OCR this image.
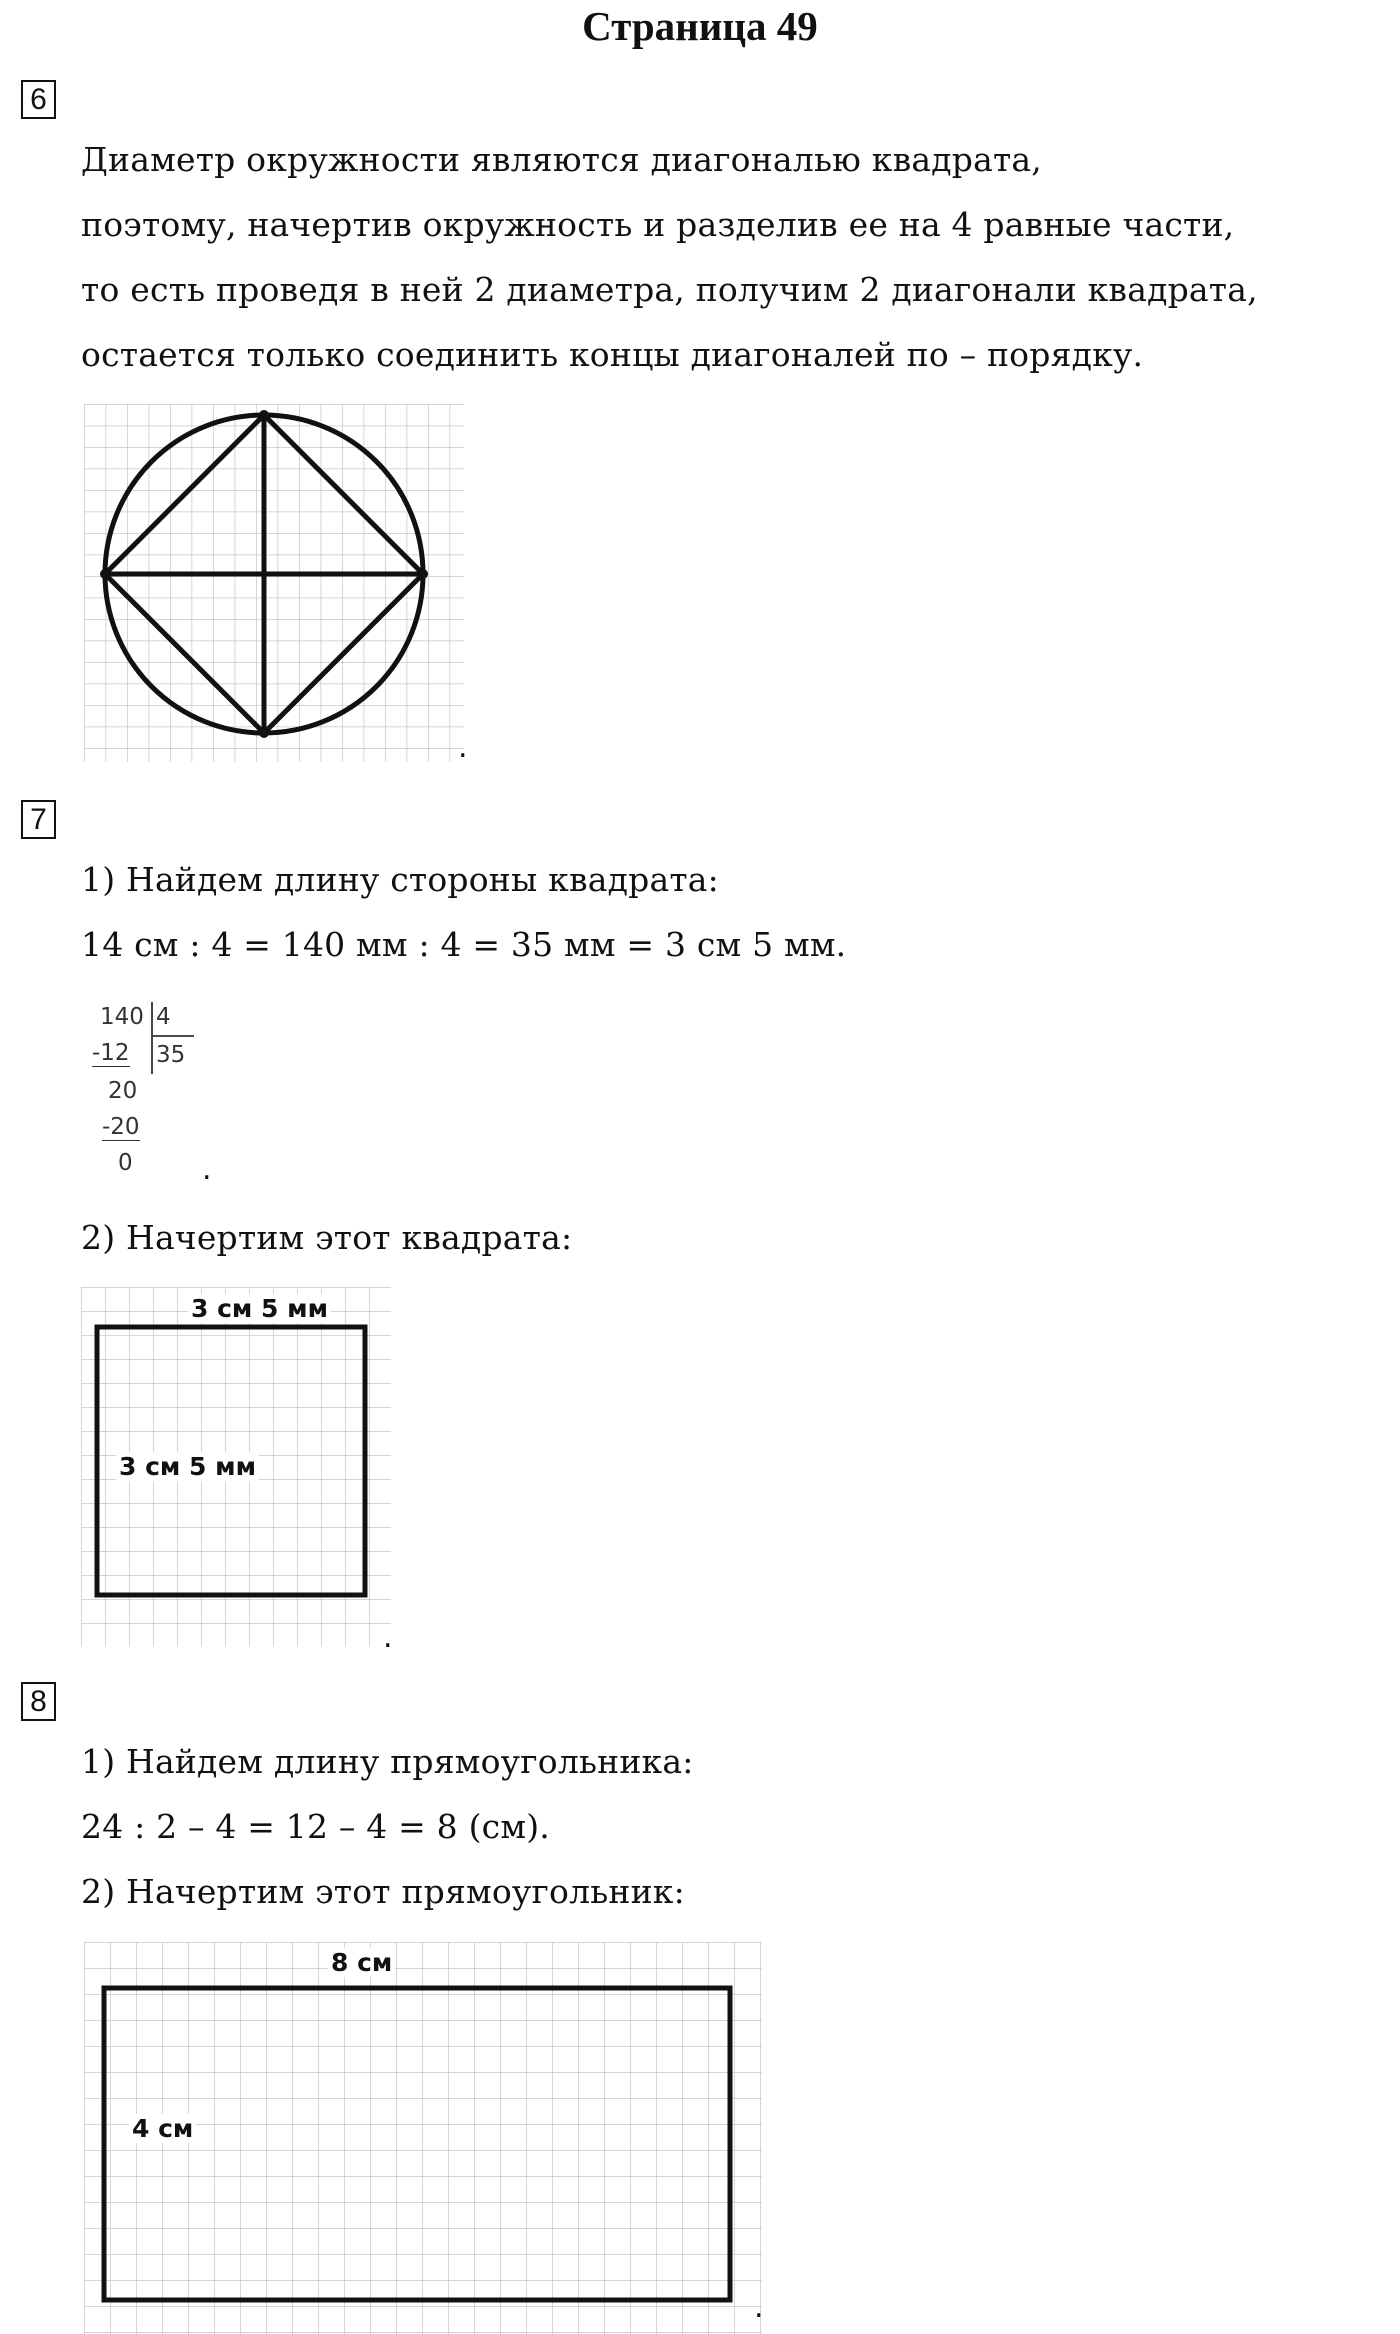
Страница 49
6
Диаметр окружности являются диагональю квадрата,
поэтому, начертив окружность и разделив ее на 4 равные части,
то есть проведя в ней 2 диаметра, получим 2 диагонали квадрата,
остается только соединить концы диагоналей по – порядку.
.
7
1) Найдем длину стороны квадрата:
14 см : 4 = 140 мм : 4 = 35 мм = 3 см 5 мм.
140 4
35
-12
20
-20
0 .
2) Начертим этот квадрата:
3 см 5 мм
3 см 5 мм
.
8
1) Найдем длину прямоугольника:
24 : 2 – 4 = 12 – 4 = 8 (см).
2) Начертим этот прямоугольник:
8 см
4 см
.
